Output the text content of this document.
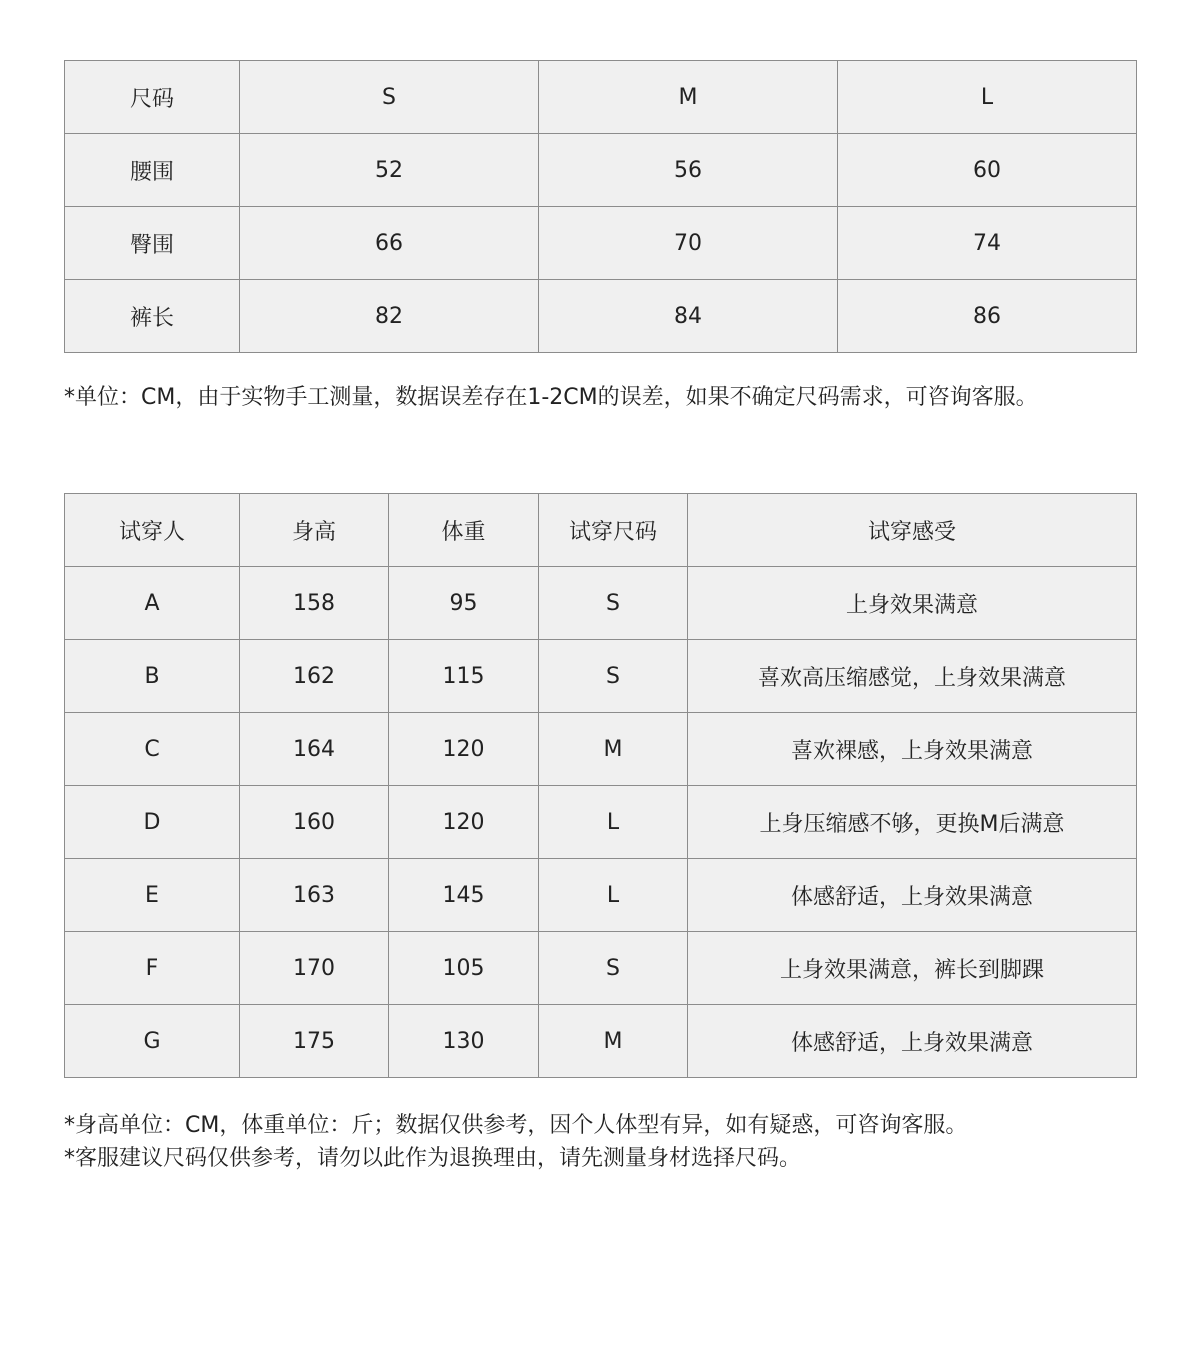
尺码	S	M	L
腰围	52	56	60
臀围	66	70	74
裤长	82	84	86
*单位：CM，由于实物手工测量，数据误差存在1-2CM的误差，如果不确定尺码需求，可咨询客服。
试穿人	身高	体重	试穿尺码	试穿感受
A	158	95	S	上身效果满意
B	162	115	S	喜欢高压缩感觉，上身效果满意
C	164	120	M	喜欢裸感，上身效果满意
D	160	120	L	上身压缩感不够，更换M后满意
E	163	145	L	体感舒适，上身效果满意
F	170	105	S	上身效果满意，裤长到脚踝
G	175	130	M	体感舒适，上身效果满意
*身高单位：CM，体重单位：斤；数据仅供参考，因个人体型有异，如有疑惑，可咨询客服。
*客服建议尺码仅供参考，请勿以此作为退换理由，请先测量身材选择尺码。
